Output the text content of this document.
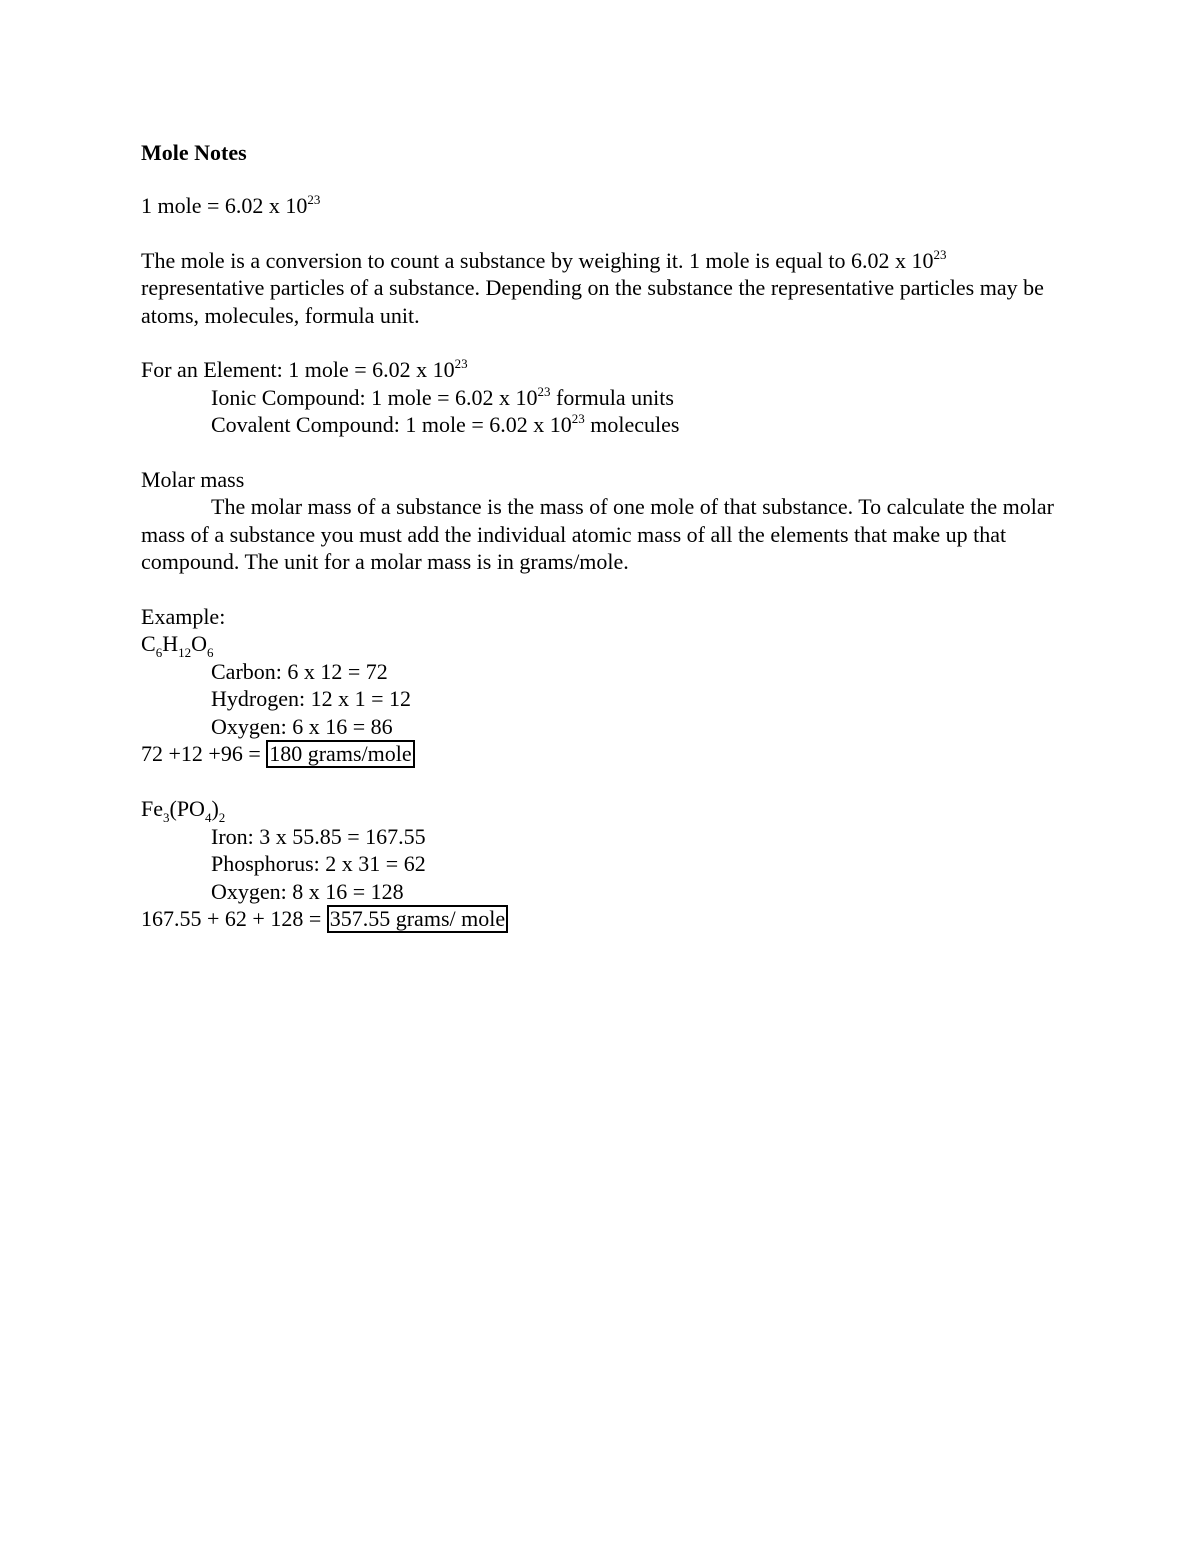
Mole Notes

1 mole = 6.02 x $10^{23}$

The mole is a conversion to count a substance by weighing it. 1 mole is equal to 6.02 x $10^{23}$ representative particles of a substance. Depending on the substance the representative particles may be atoms, molecules, formula unit.

For an Element: 1 mole = 6.02 x $10^{23}$

Ionic Compound: 1 mole = 6.02 x $10^{23}$ formula units

Covalent Compound: 1 mole = 6.02 x $10^{23}$ molecules

Molar mass

The molar mass of a substance is the mass of one mole of that substance. To calculate the molar mass of a substance you must add the individual atomic mass of all the elements that make up that compound. The unit for a molar mass is in grams/mole.

Example:

$C_6H_{12}O_6$

Carbon: 6 x 12 = 72

Hydrogen: 12 x 1 = 12

Oxygen: 6 x 16 = 86

72 +12 +96 = 180 grams/mole

$Fe_3(PO_4)_2$

Iron: 3 x 55.85 = 167.55

Phosphorus: 2 x 31 = 62

Oxygen: 8 x 16 = 128

167.55 + 62 + 128 = 357.55 grams/ mole
